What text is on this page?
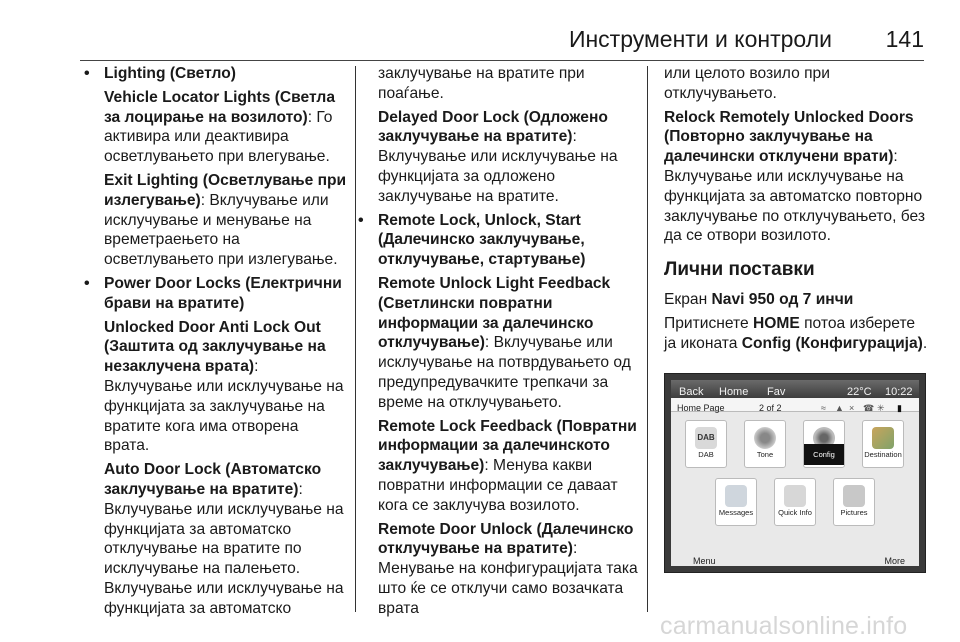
Инструменти и контроли 141
• Lighting (Светло)
Vehicle Locator Lights (Светла за лоцирање на возилото): Го активира или деактивира осветлувањето при влегување.
Exit Lighting (Осветлување при излегување): Вклучување или исклучување и менување на времетраењето на осветлувањето при излегување.
• Power Door Locks (Електрични брави на вратите)
Unlocked Door Anti Lock Out (Заштита од заклучување на незаклучена врата): Вклучување или исклучување на функцијата за заклучување на вратите кога има отворена врата.
Auto Door Lock (Автоматско заклучување на вратите): Вклучување или исклучување на функцијата за автоматско отклучување на вратите по исклучување на палењето. Вклучување или исклучување на функцијата за автоматско
заклучување на вратите при поаѓање.
Delayed Door Lock (Одложено заклучување на вратите): Вклучување или исклучување на функцијата за одложено заклучување на вратите.
• Remote Lock, Unlock, Start (Далечинско заклучување, отклучување, стартување)
Remote Unlock Light Feedback (Светлински повратни информации за далечинско отклучување): Вклучување или исклучување на потврдувањето од предупредувачките трепкачи за време на отклучувањето.
Remote Lock Feedback (Повратни информации за далечинското заклучување): Менува какви повратни информации се даваат кога се заклучува возилото.
Remote Door Unlock (Далечинско отклучување на вратите): Менување на конфигурацијата така што ќе се отклучи само возачката врата
или целото возило при отклучувањето.
Relock Remotely Unlocked Doors (Повторно заклучување на далечински отклучени врати): Вклучување или исклучување на функцијата за автоматско повторно заклучување по отклучувањето, без да се отвори возилото.
Лични поставки
Екран Navi 950 од 7 инчи
Притиснете HOME потоа изберете ја иконата Config (Конфигурација).
Back Home Fav	22°C 10:22
Home Page	2 of 2	≈ ▲ × ☎ ✳ ▮
DAB
DAB	Tone	Config	Destination
Messages	Quick Info	Pictures
Menu	More
carmanualsonline.info
